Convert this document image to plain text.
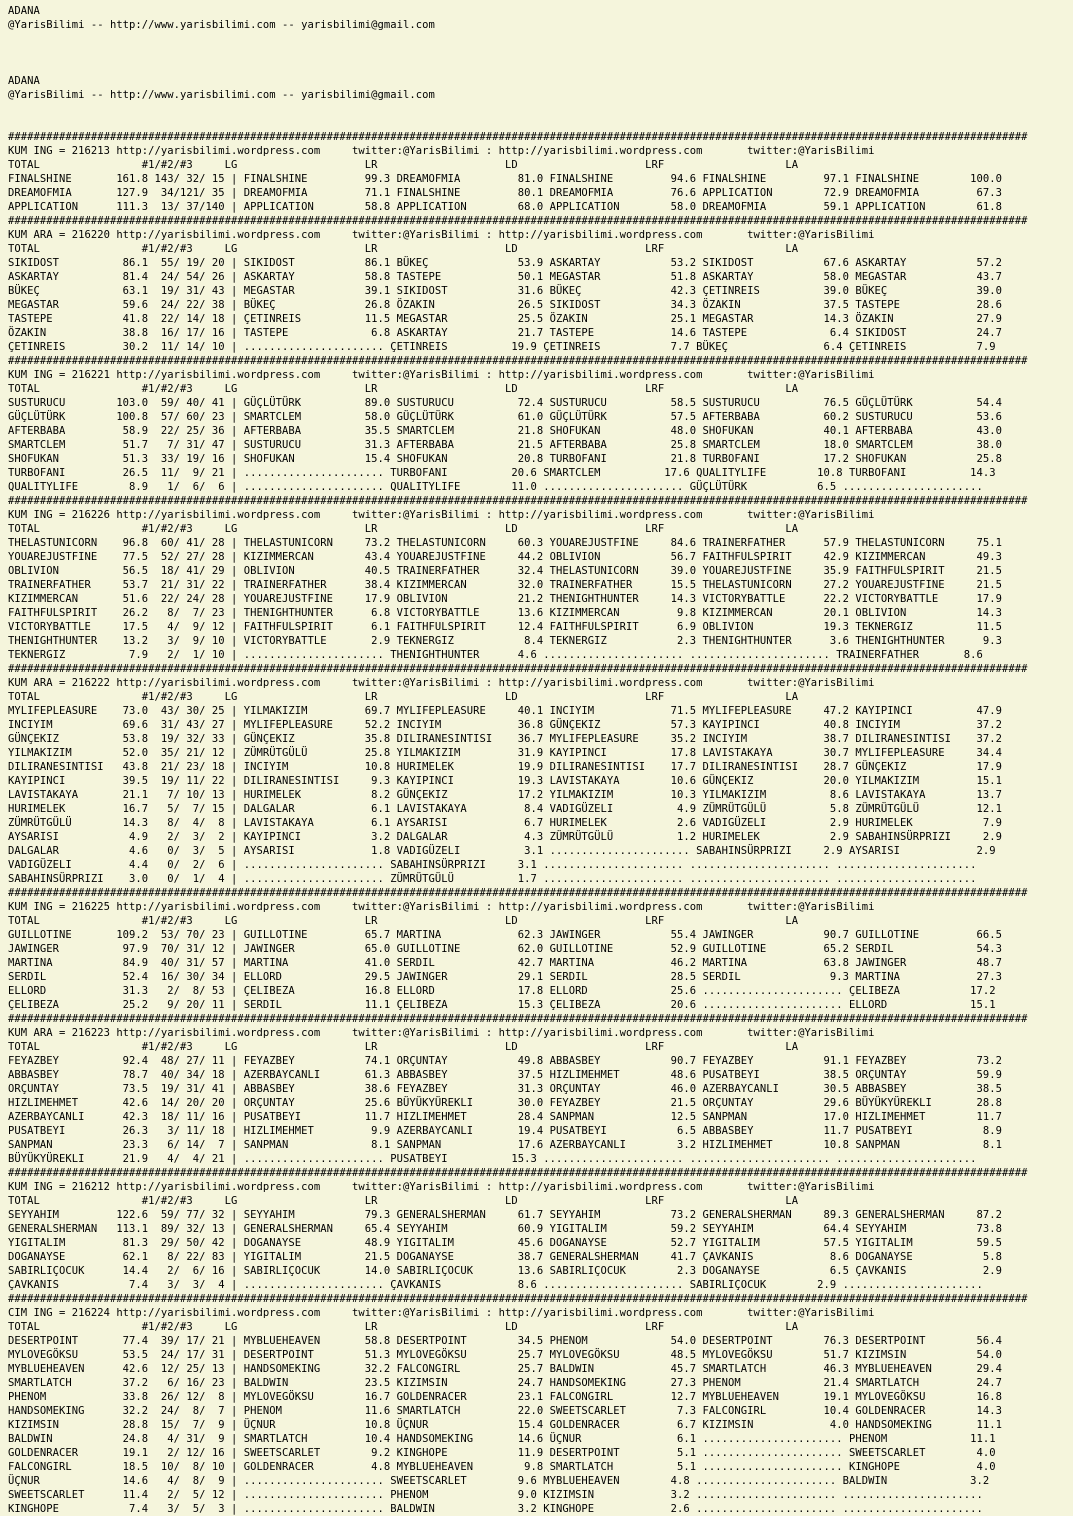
ADANA
@YarisBilimi -- http://www.yarisbilimi.com -- yarisbilimi@gmail.com
ADANA
@YarisBilimi -- http://www.yarisbilimi.com -- yarisbilimi@gmail.com
################################################################################################################################################################
KUM ING = 216213 http://yarisbilimi.wordpress.com     twitter:@YarisBilimi : http://yarisbilimi.wordpress.com       twitter:@YarisBilimi
TOTAL                #1/#2/#3     LG                    LR                    LD                    LRF                   LA
FINALSHINE       161.8 143/ 32/ 15 | FINALSHINE         99.3 DREAMOFMIA         81.0 FINALSHINE         94.6 FINALSHINE         97.1 FINALSHINE        100.0
DREAMOFMIA       127.9  34/121/ 35 | DREAMOFMIA         71.1 FINALSHINE         80.1 DREAMOFMIA         76.6 APPLICATION        72.9 DREAMOFMIA         67.3
APPLICATION      111.3  13/ 37/140 | APPLICATION        58.8 APPLICATION        68.0 APPLICATION        58.0 DREAMOFMIA         59.1 APPLICATION        61.8
################################################################################################################################################################
KUM ARA = 216220 http://yarisbilimi.wordpress.com     twitter:@YarisBilimi : http://yarisbilimi.wordpress.com       twitter:@YarisBilimi
TOTAL                #1/#2/#3     LG                    LR                    LD                    LRF                   LA
SIKIDOST          86.1  55/ 19/ 20 | SIKIDOST           86.1 BÜKEÇ              53.9 ASKARTAY           53.2 SIKIDOST           67.6 ASKARTAY           57.2
ASKARTAY          81.4  24/ 54/ 26 | ASKARTAY           58.8 TASTEPE            50.1 MEGASTAR           51.8 ASKARTAY           58.0 MEGASTAR           43.7
BÜKEÇ             63.1  19/ 31/ 43 | MEGASTAR           39.1 SIKIDOST           31.6 BÜKEÇ              42.3 ÇETINREIS          39.0 BÜKEÇ              39.0
MEGASTAR          59.6  24/ 22/ 38 | BÜKEÇ              26.8 ÖZAKIN             26.5 SIKIDOST           34.3 ÖZAKIN             37.5 TASTEPE            28.6
TASTEPE           41.8  22/ 14/ 18 | ÇETINREIS          11.5 MEGASTAR           25.5 ÖZAKIN             25.1 MEGASTAR           14.3 ÖZAKIN             27.9
ÖZAKIN            38.8  16/ 17/ 16 | TASTEPE             6.8 ASKARTAY           21.7 TASTEPE            14.6 TASTEPE             6.4 SIKIDOST           24.7
ÇETINREIS         30.2  11/ 14/ 10 | ...................... ÇETINREIS          19.9 ÇETINREIS           7.7 BÜKEÇ               6.4 ÇETINREIS           7.9
################################################################################################################################################################
KUM ING = 216221 http://yarisbilimi.wordpress.com     twitter:@YarisBilimi : http://yarisbilimi.wordpress.com       twitter:@YarisBilimi
TOTAL                #1/#2/#3     LG                    LR                    LD                    LRF                   LA
SUSTURUCU        103.0  59/ 40/ 41 | GÜÇLÜTÜRK          89.0 SUSTURUCU          72.4 SUSTURUCU          58.5 SUSTURUCU          76.5 GÜÇLÜTÜRK          54.4
GÜÇLÜTÜRK        100.8  57/ 60/ 23 | SMARTCLEM          58.0 GÜÇLÜTÜRK          61.0 GÜÇLÜTÜRK          57.5 AFTERBABA          60.2 SUSTURUCU          53.6
AFTERBABA         58.9  22/ 25/ 36 | AFTERBABA          35.5 SMARTCLEM          21.8 SHOFUKAN           48.0 SHOFUKAN           40.1 AFTERBABA          43.0
SMARTCLEM         51.7   7/ 31/ 47 | SUSTURUCU          31.3 AFTERBABA          21.5 AFTERBABA          25.8 SMARTCLEM          18.0 SMARTCLEM          38.0
SHOFUKAN          51.3  33/ 19/ 16 | SHOFUKAN           15.4 SHOFUKAN           20.8 TURBOFANI          21.8 TURBOFANI          17.2 SHOFUKAN           25.8
TURBOFANI         26.5  11/  9/ 21 | ...................... TURBOFANI          20.6 SMARTCLEM          17.6 QUALITYLIFE        10.8 TURBOFANI          14.3
QUALITYLIFE        8.9   1/  6/  6 | ...................... QUALITYLIFE        11.0 ...................... GÜÇLÜTÜRK           6.5 ......................
################################################################################################################################################################
KUM ING = 216226 http://yarisbilimi.wordpress.com     twitter:@YarisBilimi : http://yarisbilimi.wordpress.com       twitter:@YarisBilimi
TOTAL                #1/#2/#3     LG                    LR                    LD                    LRF                   LA
THELASTUNICORN    96.8  60/ 41/ 28 | THELASTUNICORN     73.2 THELASTUNICORN     60.3 YOUAREJUSTFINE     84.6 TRAINERFATHER      57.9 THELASTUNICORN     75.1
YOUAREJUSTFINE    77.5  52/ 27/ 28 | KIZIMMERCAN        43.4 YOUAREJUSTFINE     44.2 OBLIVION           56.7 FAITHFULSPIRIT     42.9 KIZIMMERCAN        49.3
OBLIVION          56.5  18/ 41/ 29 | OBLIVION           40.5 TRAINERFATHER      32.4 THELASTUNICORN     39.0 YOUAREJUSTFINE     35.9 FAITHFULSPIRIT     21.5
TRAINERFATHER     53.7  21/ 31/ 22 | TRAINERFATHER      38.4 KIZIMMERCAN        32.0 TRAINERFATHER      15.5 THELASTUNICORN     27.2 YOUAREJUSTFINE     21.5
KIZIMMERCAN       51.6  22/ 24/ 28 | YOUAREJUSTFINE     17.9 OBLIVION           21.2 THENIGHTHUNTER     14.3 VICTORYBATTLE      22.2 VICTORYBATTLE      17.9
FAITHFULSPIRIT    26.2   8/  7/ 23 | THENIGHTHUNTER      6.8 VICTORYBATTLE      13.6 KIZIMMERCAN         9.8 KIZIMMERCAN        20.1 OBLIVION           14.3
VICTORYBATTLE     17.5   4/  9/ 12 | FAITHFULSPIRIT      6.1 FAITHFULSPIRIT     12.4 FAITHFULSPIRIT      6.9 OBLIVION           19.3 TEKNERGIZ          11.5
THENIGHTHUNTER    13.2   3/  9/ 10 | VICTORYBATTLE       2.9 TEKNERGIZ           8.4 TEKNERGIZ           2.3 THENIGHTHUNTER      3.6 THENIGHTHUNTER      9.3
TEKNERGIZ          7.9   2/  1/ 10 | ...................... THENIGHTHUNTER      4.6 ...................... ...................... TRAINERFATHER       8.6
################################################################################################################################################################
KUM ARA = 216222 http://yarisbilimi.wordpress.com     twitter:@YarisBilimi : http://yarisbilimi.wordpress.com       twitter:@YarisBilimi
TOTAL                #1/#2/#3     LG                    LR                    LD                    LRF                   LA
MYLIFEPLEASURE    73.0  43/ 30/ 25 | YILMAKIZIM         69.7 MYLIFEPLEASURE     40.1 INCIYIM            71.5 MYLIFEPLEASURE     47.2 KAYIPINCI          47.9
INCIYIM           69.6  31/ 43/ 27 | MYLIFEPLEASURE     52.2 INCIYIM            36.8 GÜNÇEKIZ           57.3 KAYIPINCI          40.8 INCIYIM            37.2
GÜNÇEKIZ          53.8  19/ 32/ 33 | GÜNÇEKIZ           35.8 DILIRANESINTISI    36.7 MYLIFEPLEASURE     35.2 INCIYIM            38.7 DILIRANESINTISI    37.2
YILMAKIZIM        52.0  35/ 21/ 12 | ZÜMRÜTGÜLÜ         25.8 YILMAKIZIM         31.9 KAYIPINCI          17.8 LAVISTAKAYA        30.7 MYLIFEPLEASURE     34.4
DILIRANESINTISI   43.8  21/ 23/ 18 | INCIYIM            10.8 HURIMELEK          19.9 DILIRANESINTISI    17.7 DILIRANESINTISI    28.7 GÜNÇEKIZ           17.9
KAYIPINCI         39.5  19/ 11/ 22 | DILIRANESINTISI     9.3 KAYIPINCI          19.3 LAVISTAKAYA        10.6 GÜNÇEKIZ           20.0 YILMAKIZIM         15.1
LAVISTAKAYA       21.1   7/ 10/ 13 | HURIMELEK           8.2 GÜNÇEKIZ           17.2 YILMAKIZIM         10.3 YILMAKIZIM          8.6 LAVISTAKAYA        13.7
HURIMELEK         16.7   5/  7/ 15 | DALGALAR            6.1 LAVISTAKAYA         8.4 VADIGÜZELI          4.9 ZÜMRÜTGÜLÜ          5.8 ZÜMRÜTGÜLÜ         12.1
ZÜMRÜTGÜLÜ        14.3   8/  4/  8 | LAVISTAKAYA         6.1 AYSARISI            6.7 HURIMELEK           2.6 VADIGÜZELI          2.9 HURIMELEK           7.9
AYSARISI           4.9   2/  3/  2 | KAYIPINCI           3.2 DALGALAR            4.3 ZÜMRÜTGÜLÜ          1.2 HURIMELEK           2.9 SABAHINSÜRPRIZI     2.9
DALGALAR           4.6   0/  3/  5 | AYSARISI            1.8 VADIGÜZELI          3.1 ...................... SABAHINSÜRPRIZI     2.9 AYSARISI            2.9
VADIGÜZELI         4.4   0/  2/  6 | ...................... SABAHINSÜRPRIZI     3.1 ...................... ...................... ......................
SABAHINSÜRPRIZI    3.0   0/  1/  4 | ...................... ZÜMRÜTGÜLÜ          1.7 ...................... ...................... ......................
################################################################################################################################################################
KUM ING = 216225 http://yarisbilimi.wordpress.com     twitter:@YarisBilimi : http://yarisbilimi.wordpress.com       twitter:@YarisBilimi
TOTAL                #1/#2/#3     LG                    LR                    LD                    LRF                   LA
GUILLOTINE       109.2  53/ 70/ 23 | GUILLOTINE         65.7 MARTINA            62.3 JAWINGER           55.4 JAWINGER           90.7 GUILLOTINE         66.5
JAWINGER          97.9  70/ 31/ 12 | JAWINGER           65.0 GUILLOTINE         62.0 GUILLOTINE         52.9 GUILLOTINE         65.2 SERDIL             54.3
MARTINA           84.9  40/ 31/ 57 | MARTINA            41.0 SERDIL             42.7 MARTINA            46.2 MARTINA            63.8 JAWINGER           48.7
SERDIL            52.4  16/ 30/ 34 | ELLORD             29.5 JAWINGER           29.1 SERDIL             28.5 SERDIL              9.3 MARTINA            27.3
ELLORD            31.3   2/  8/ 53 | ÇELIBEZA           16.8 ELLORD             17.8 ELLORD             25.6 ...................... ÇELIBEZA           17.2
ÇELIBEZA          25.2   9/ 20/ 11 | SERDIL             11.1 ÇELIBEZA           15.3 ÇELIBEZA           20.6 ...................... ELLORD             15.1
################################################################################################################################################################
KUM ARA = 216223 http://yarisbilimi.wordpress.com     twitter:@YarisBilimi : http://yarisbilimi.wordpress.com       twitter:@YarisBilimi
TOTAL                #1/#2/#3     LG                    LR                    LD                    LRF                   LA
FEYAZBEY          92.4  48/ 27/ 11 | FEYAZBEY           74.1 ORÇUNTAY           49.8 ABBASBEY           90.7 FEYAZBEY           91.1 FEYAZBEY           73.2
ABBASBEY          78.7  40/ 34/ 18 | AZERBAYCANLI       61.3 ABBASBEY           37.5 HIZLIMEHMET        48.6 PUSATBEYI          38.5 ORÇUNTAY           59.9
ORÇUNTAY          73.5  19/ 31/ 41 | ABBASBEY           38.6 FEYAZBEY           31.3 ORÇUNTAY           46.0 AZERBAYCANLI       30.5 ABBASBEY           38.5
HIZLIMEHMET       42.6  14/ 20/ 20 | ORÇUNTAY           25.6 BÜYÜKYÜREKLI       30.0 FEYAZBEY           21.5 ORÇUNTAY           29.6 BÜYÜKYÜREKLI       28.8
AZERBAYCANLI      42.3  18/ 11/ 16 | PUSATBEYI          11.7 HIZLIMEHMET        28.4 SANPMAN            12.5 SANPMAN            17.0 HIZLIMEHMET        11.7
PUSATBEYI         26.3   3/ 11/ 18 | HIZLIMEHMET         9.9 AZERBAYCANLI       19.4 PUSATBEYI           6.5 ABBASBEY           11.7 PUSATBEYI           8.9
SANPMAN           23.3   6/ 14/  7 | SANPMAN             8.1 SANPMAN            17.6 AZERBAYCANLI        3.2 HIZLIMEHMET        10.8 SANPMAN             8.1
BÜYÜKYÜREKLI      21.9   4/  4/ 21 | ...................... PUSATBEYI          15.3 ...................... ...................... ......................
################################################################################################################################################################
KUM ING = 216212 http://yarisbilimi.wordpress.com     twitter:@YarisBilimi : http://yarisbilimi.wordpress.com       twitter:@YarisBilimi
TOTAL                #1/#2/#3     LG                    LR                    LD                    LRF                   LA
SEYYAHIM         122.6  59/ 77/ 32 | SEYYAHIM           79.3 GENERALSHERMAN     61.7 SEYYAHIM           73.2 GENERALSHERMAN     89.3 GENERALSHERMAN     87.2
GENERALSHERMAN   113.1  89/ 32/ 13 | GENERALSHERMAN     65.4 SEYYAHIM           60.9 YIGITALIM          59.2 SEYYAHIM           64.4 SEYYAHIM           73.8
YIGITALIM         81.3  29/ 50/ 42 | DOGANAYSE          48.9 YIGITALIM          45.6 DOGANAYSE          52.7 YIGITALIM          57.5 YIGITALIM          59.5
DOGANAYSE         62.1   8/ 22/ 83 | YIGITALIM          21.5 DOGANAYSE          38.7 GENERALSHERMAN     41.7 ÇAVKANIS            8.6 DOGANAYSE           5.8
SABIRLIÇOCUK      14.4   2/  6/ 16 | SABIRLIÇOCUK       14.0 SABIRLIÇOCUK       13.6 SABIRLIÇOCUK        2.3 DOGANAYSE           6.5 ÇAVKANIS            2.9
ÇAVKANIS           7.4   3/  3/  4 | ...................... ÇAVKANIS            8.6 ...................... SABIRLIÇOCUK        2.9 ......................
################################################################################################################################################################
CIM ING = 216224 http://yarisbilimi.wordpress.com     twitter:@YarisBilimi : http://yarisbilimi.wordpress.com       twitter:@YarisBilimi
TOTAL                #1/#2/#3     LG                    LR                    LD                    LRF                   LA
DESERTPOINT       77.4  39/ 17/ 21 | MYBLUEHEAVEN       58.8 DESERTPOINT        34.5 PHENOM             54.0 DESERTPOINT        76.3 DESERTPOINT        56.4
MYLOVEGÖKSU       53.5  24/ 17/ 31 | DESERTPOINT        51.3 MYLOVEGÖKSU        25.7 MYLOVEGÖKSU        48.5 MYLOVEGÖKSU        51.7 KIZIMSIN           54.0
MYBLUEHEAVEN      42.6  12/ 25/ 13 | HANDSOMEKING       32.2 FALCONGIRL         25.7 BALDWIN            45.7 SMARTLATCH         46.3 MYBLUEHEAVEN       29.4
SMARTLATCH        37.2   6/ 16/ 23 | BALDWIN            23.5 KIZIMSIN           24.7 HANDSOMEKING       27.3 PHENOM             21.4 SMARTLATCH         24.7
PHENOM            33.8  26/ 12/  8 | MYLOVEGÖKSU        16.7 GOLDENRACER        23.1 FALCONGIRL         12.7 MYBLUEHEAVEN       19.1 MYLOVEGÖKSU        16.8
HANDSOMEKING      32.2  24/  8/  7 | PHENOM             11.6 SMARTLATCH         22.0 SWEETSCARLET        7.3 FALCONGIRL         10.4 GOLDENRACER        14.3
KIZIMSIN          28.8  15/  7/  9 | ÜÇNUR              10.8 ÜÇNUR              15.4 GOLDENRACER         6.7 KIZIMSIN            4.0 HANDSOMEKING       11.1
BALDWIN           24.8   4/ 31/  9 | SMARTLATCH         10.4 HANDSOMEKING       14.6 ÜÇNUR               6.1 ...................... PHENOM             11.1
GOLDENRACER       19.1   2/ 12/ 16 | SWEETSCARLET        9.2 KINGHOPE           11.9 DESERTPOINT         5.1 ...................... SWEETSCARLET        4.0
FALCONGIRL        18.5  10/  8/ 10 | GOLDENRACER         4.8 MYBLUEHEAVEN        9.8 SMARTLATCH          5.1 ...................... KINGHOPE            4.0
ÜÇNUR             14.6   4/  8/  9 | ...................... SWEETSCARLET        9.6 MYBLUEHEAVEN        4.8 ...................... BALDWIN             3.2
SWEETSCARLET      11.4   2/  5/ 12 | ...................... PHENOM              9.0 KIZIMSIN            3.2 ...................... ......................
KINGHOPE           7.4   3/  5/  3 | ...................... BALDWIN             3.2 KINGHOPE            2.6 ...................... ......................
